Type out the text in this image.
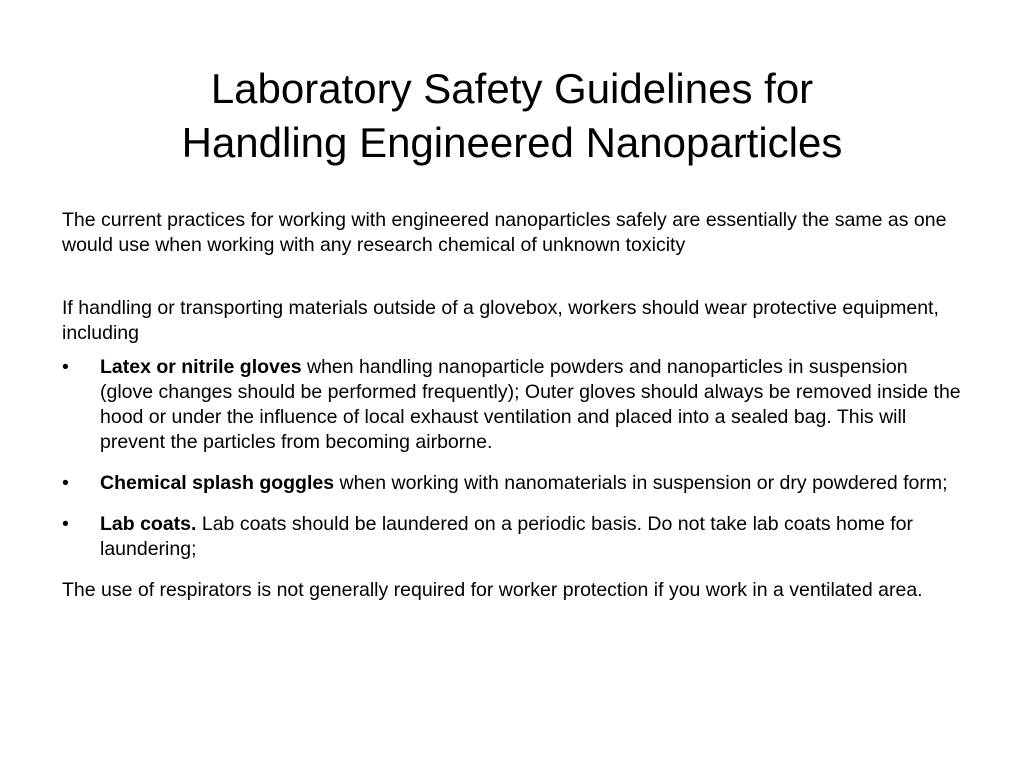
Laboratory Safety Guidelines for
Handling Engineered Nanoparticles

The current practices for working with engineered nanoparticles safely are essentially the same as one would use when working with any research chemical of unknown toxicity

If handling or transporting materials outside of a glovebox, workers should wear protective equipment, including

• Latex or nitrile gloves when handling nanoparticle powders and nanoparticles in suspension (glove changes should be performed frequently); Outer gloves should always be removed inside the hood or under the influence of local exhaust ventilation and placed into a sealed bag. This will prevent the particles from becoming airborne.
• Chemical splash goggles when working with nanomaterials in suspension or dry powdered form;
• Lab coats. Lab coats should be laundered on a periodic basis. Do not take lab coats home for laundering;

The use of respirators is not generally required for worker protection if you work in a ventilated area.
